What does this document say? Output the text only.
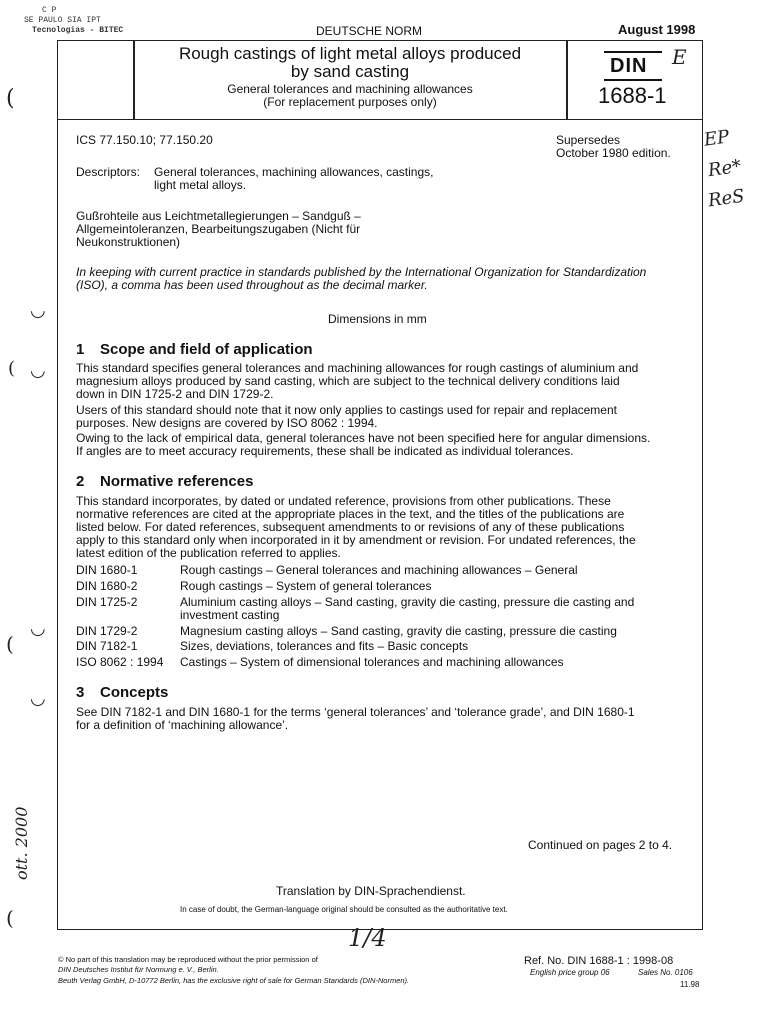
C P
SE PAULO SIA IPT
Tecnologias - BITEC
(
◡
( ◡
◡
(
◡
(
EP
Re*
ReS
ott. 2000
DEUTSCHE NORM	August 1998
Rough castings of light metal alloys produced
by sand casting
General tolerances and machining allowances
(For replacement purposes only)
DIN
1688-1
E
ICS 77.150.10; 77.150.20	Supersedes
October 1980 edition.
Descriptors: General tolerances, machining allowances, castings,
light metal alloys.
Gußrohteile aus Leichtmetallegierungen – Sandguß –
Allgemeintoleranzen, Bearbeitungszugaben (Nicht für
Neukonstruktionen)
In keeping with current practice in standards published by the International Organization for Standardization
(ISO), a comma has been used throughout as the decimal marker.
Dimensions in mm
1 Scope and field of application
This standard specifies general tolerances and machining allowances for rough castings of aluminium and
magnesium alloys produced by sand casting, which are subject to the technical delivery conditions laid
down in DIN 1725-2 and DIN 1729-2.
Users of this standard should note that it now only applies to castings used for repair and replacement
purposes. New designs are covered by ISO 8062 : 1994.
Owing to the lack of empirical data, general tolerances have not been specified here for angular dimensions.
If angles are to meet accuracy requirements, these shall be indicated as individual tolerances.
2 Normative references
This standard incorporates, by dated or undated reference, provisions from other publications. These
normative references are cited at the appropriate places in the text, and the titles of the publications are
listed below. For dated references, subsequent amendments to or revisions of any of these publications
apply to this standard only when incorporated in it by amendment or revision. For undated references, the
latest edition of the publication referred to applies.
DIN 1680-1	Rough castings – General tolerances and machining allowances – General
DIN 1680-2	Rough castings – System of general tolerances
DIN 1725-2	Aluminium casting alloys – Sand casting, gravity die casting, pressure die casting and investment casting
DIN 1729-2	Magnesium casting alloys – Sand casting, gravity die casting, pressure die casting
DIN 7182-1	Sizes, deviations, tolerances and fits – Basic concepts
ISO 8062 : 1994 Castings – System of dimensional tolerances and machining allowances
3 Concepts
See DIN 7182-1 and DIN 1680-1 for the terms ‘general tolerances’ and ‘tolerance grade’, and DIN 1680-1
for a definition of ‘machining allowance’.
Continued on pages 2 to 4.
Translation by DIN-Sprachendienst.
In case of doubt, the German-language original should be consulted as the authoritative text.
1/4
© No part of this translation may be reproduced without the prior permission of
DIN Deutsches Institut für Normung e. V., Berlin.
Beuth Verlag GmbH, D-10772 Berlin, has the exclusive right of sale for German Standards (DIN-Normen).
Ref. No. DIN 1688-1 : 1998-08
English price group 06	Sales No. 0106
11.98
